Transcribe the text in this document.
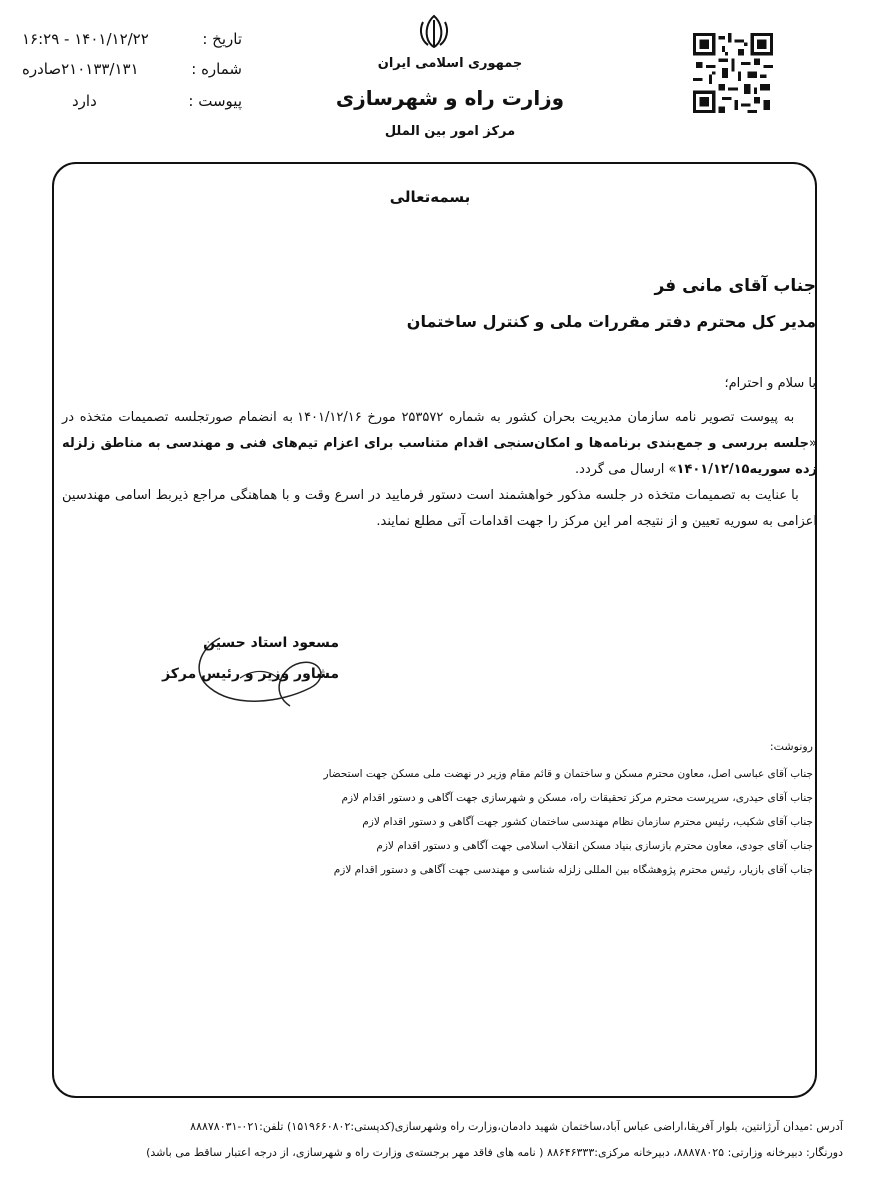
تاریخ :
۱۴۰۱/۱۲/۲۲ - ۱۶:۲۹
شماره :
۲۱۰۱۳۳/۱۳۱صادره
پیوست :
دارد
جمهوری اسلامی ایران
وزارت راه و شهرسازی
مرکز امور بین الملل
بسمه‌تعالی
جناب آقای مانی فر
مدیر کل محترم دفتر مقررات ملی و کنترل ساختمان
با سلام و احترام؛

به پیوست تصویر نامه سازمان مدیریت بحران کشور به شماره ۲۵۳۵۷۲ مورخ ۱۴۰۱/۱۲/۱۶ به انضمام صورتجلسه تصمیمات متخذه در «جلسه بررسی و جمع‌بندی برنامه‌ها و امکان‌سنجی اقدام متناسب برای اعزام تیم‌های فنی و مهندسی به مناطق زلزله زده سوریه۱۴۰۱/۱۲/۱۵» ارسال می گردد.

با عنایت به تصمیمات متخذه در جلسه مذکور خواهشمند است دستور فرمایید در اسرع وقت و با هماهنگی مراجع ذیربط اسامی مهندسین اعزامی به سوریه تعیین و از نتیجه امر این مرکز را جهت اقدامات آتی مطلع نمایند.

مسعود استاد حسین
مشاور وزیر و رئیس مرکز
رونوشت:
جناب آقای عباسی اصل، معاون محترم مسکن و ساختمان و قائم مقام وزیر در نهضت ملی مسکن جهت استحضار
جناب آقای حیدری، سرپرست محترم مرکز تحقیقات راه، مسکن و شهرسازی جهت آگاهی و دستور اقدام لازم
جناب آقای شکیب، رئیس محترم سازمان نظام مهندسی ساختمان کشور جهت آگاهی و دستور اقدام لازم
جناب آقای جودی، معاون محترم بازسازی بنیاد مسکن انقلاب اسلامی جهت آگاهی و دستور اقدام لازم
جناب آقای بازیار، رئیس محترم پژوهشگاه بین المللی زلزله شناسی و مهندسی جهت آگاهی و دستور اقدام لازم
آدرس :میدان آرژانتین، بلوار آفریقا،اراضی عباس آباد،ساختمان شهید دادمان،وزارت راه وشهرسازی(کدپستی:۱۵۱۹۶۶۰۸۰۲) تلفن:۰۲۱-۸۸۸۷۸۰۳۱
دورنگار: دبیرخانه وزارتی: ۸۸۸۷۸۰۲۵، دبیرخانه مرکزی:۸۸۶۴۶۳۳۳ ( نامه های فاقد مهر برجسته‌ی وزارت راه و شهرسازی، از درجه اعتبار ساقط می باشد)
